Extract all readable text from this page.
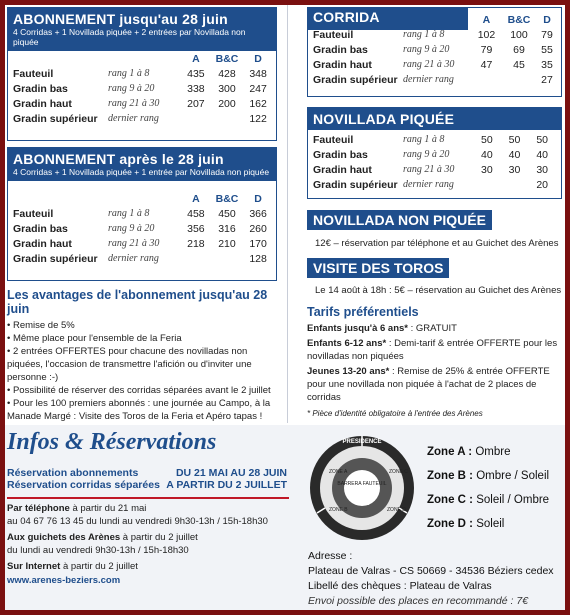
ABONNEMENT jusqu'au 28 juin
4 Corridas + 1 Novillada piquée + 2 entrées par Novillada non piquée
		A	B&C	D
Fauteuil	rang 1 à 8	435	428	348
Gradin bas	rang 9 à 20	338	300	247
Gradin haut	rang 21 à 30	207	200	162
Gradin supérieur	dernier rang			122
ABONNEMENT après le 28 juin
4 Corridas + 1 Novillada piquée + 1 entrée par Novillada non piquée
		A	B&C	D
Fauteuil	rang 1 à 8	458	450	366
Gradin bas	rang 9 à 20	356	316	260
Gradin haut	rang 21 à 30	218	210	170
Gradin supérieur	dernier rang			128
Les avantages de l'abonnement jusqu'au 28 juin
• Remise de 5%
• Même place pour l'ensemble de la Feria
• 2 entrées OFFERTES pour chacune des novilladas non piquées, l'occasion de transmettre l'afición ou d'inviter une personne :-)
• Possibilité de réserver des corridas séparées avant le 2 juillet
• Pour les 100 premiers abonnés : une journée au Campo, à la Manade Margé : Visite des Toros de la Feria et Apéro tapas !
CORRIDA
			A	B&C	D
Fauteuil	rang 1 à 8	102	100	79
Gradin bas	rang 9 à 20	79	69	55
Gradin haut	rang 21 à 30	47	45	35
Gradin supérieur	dernier rang			27
NOVILLADA PIQUÉE
Fauteuil	rang 1 à 8	50	50	50
Gradin bas	rang 9 à 20	40	40	40
Gradin haut	rang 21 à 30	30	30	30
Gradin supérieur	dernier rang			20
NOVILLADA NON PIQUÉE
12€ – réservation par téléphone et au Guichet des Arènes
VISITE DES TOROS
Le 14 août à 18h : 5€ – réservation au Guichet des Arènes
Tarifs préférentiels
Enfants jusqu'à 6 ans* : GRATUIT
Enfants 6-12 ans* : Demi-tarif & entrée OFFERTE pour les novilladas non piquées
Jeunes 13-20 ans* : Remise de 25% & entrée OFFERTE pour une novillada non piquée à l'achat de 2 places de corridas
* Pièce d'identité obligatoire à l'entrée des Arènes
Infos & Réservations
Réservation abonnements	DU 21 MAI AU 28 JUIN
Réservation corridas séparées A PARTIR DU 2 JUILLET
Par téléphone à partir du 21 mai
au 04 67 76 13 45 du lundi au vendredi 9h30-13h / 15h-18h30
Aux guichets des Arènes à partir du 2 juillet
du lundi au vendredi 9h30-13h / 15h-18h30
Sur Internet à partir du 2 juillet
www.arenes-beziers.com
PRESIDENCE
BARRERA FAUTEUIL
TORIL
ZONE A	ZONE C
ZONE B	ZONE D
Zone A : Ombre
Zone B : Ombre / Soleil
Zone C : Soleil / Ombre
Zone D : Soleil
Adresse :
Plateau de Valras - CS 50669 - 34536 Béziers cedex
Libellé des chèques : Plateau de Valras
Envoi possible des places en recommandé : 7€
